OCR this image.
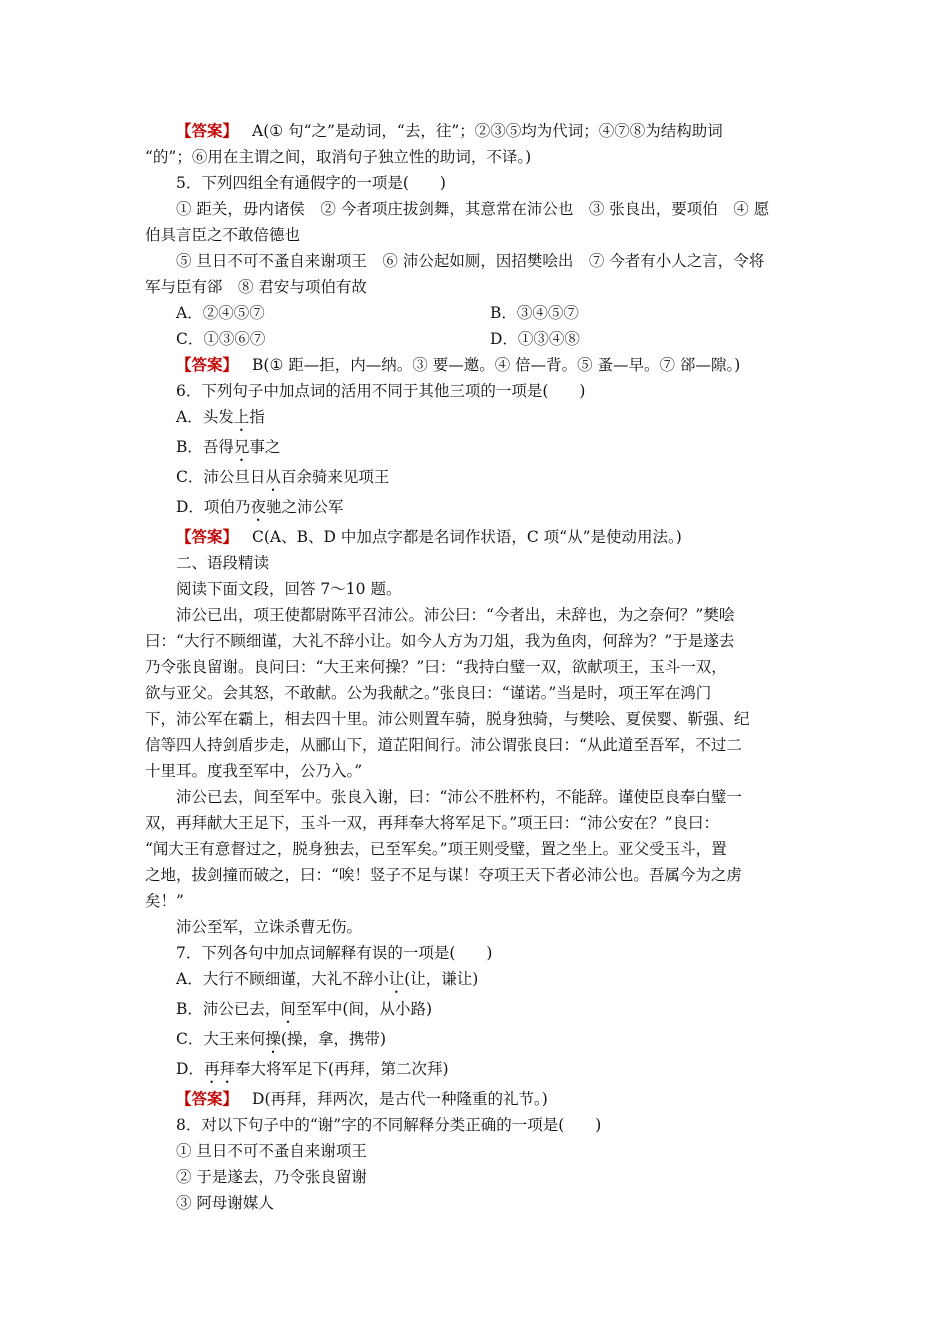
【答案】 A(① 句“之”是动词，“去，往”；②③⑤均为代词；④⑦⑧为结构助词
“的”；⑥用在主谓之间，取消句子独立性的助词，不译。)
5．下列四组全有通假字的一项是(　　)
① 距关，毋内诸侯　② 今者项庄拔剑舞，其意常在沛公也　③ 张良出，要项伯　④ 愿
伯具言臣之不敢倍德也
⑤ 旦日不可不蚤自来谢项王　⑥ 沛公起如厕，因招樊哙出　⑦ 今者有小人之言，令将
军与臣有郤　⑧ 君安与项伯有故
A．②④⑤⑦	B．③④⑤⑦
C．①③⑥⑦	D．①③④⑧
【答案】 B(① 距—拒，内—纳。③ 要—邀。④ 倍—背。⑤ 蚤—早。⑦ 郤—隙。)
6．下列句子中加点词的活用不同于其他三项的一项是(　　)
A．头发上指
B．吾得兄事之
C．沛公旦日从百余骑来见项王
D．项伯乃夜驰之沛公军
【答案】 C(A、B、D 中加点字都是名词作状语，C 项“从”是使动用法。)
二、语段精读
阅读下面文段，回答 7～10 题。
沛公已出，项王使都尉陈平召沛公。沛公曰：“今者出，未辞也，为之奈何？”樊哙
曰：“大行不顾细谨，大礼不辞小让。如今人方为刀俎，我为鱼肉，何辞为？”于是遂去
乃令张良留谢。良问曰：“大王来何操？”曰：“我持白璧一双，欲献项王，玉斗一双，
欲与亚父。会其怒，不敢献。公为我献之。”张良曰：“谨诺。”当是时，项王军在鸿门
下，沛公军在霸上，相去四十里。沛公则置车骑，脱身独骑，与樊哙、夏侯婴、靳强、纪
信等四人持剑盾步走，从郦山下，道芷阳间行。沛公谓张良曰：“从此道至吾军，不过二
十里耳。度我至军中，公乃入。”
沛公已去，间至军中。张良入谢，曰：“沛公不胜杯杓，不能辞。谨使臣良奉白璧一
双，再拜献大王足下，玉斗一双，再拜奉大将军足下。”项王曰：“沛公安在？”良曰：
“闻大王有意督过之，脱身独去，已至军矣。”项王则受璧，置之坐上。亚父受玉斗，置
之地，拔剑撞而破之，曰：“唉！竖子不足与谋！夺项王天下者必沛公也。吾属今为之虏
矣！”
沛公至军，立诛杀曹无伤。
7．下列各句中加点词解释有误的一项是(　　)
A．大行不顾细谨，大礼不辞小让(让，谦让)
B．沛公已去，间至军中(间，从小路)
C．大王来何操(操，拿，携带)
D．再拜奉大将军足下(再拜，第二次拜)
【答案】 D(再拜，拜两次，是古代一种隆重的礼节。)
8．对以下句子中的“谢”字的不同解释分类正确的一项是(　　)
① 旦日不可不蚤自来谢项王
② 于是遂去，乃令张良留谢
③ 阿母谢媒人
